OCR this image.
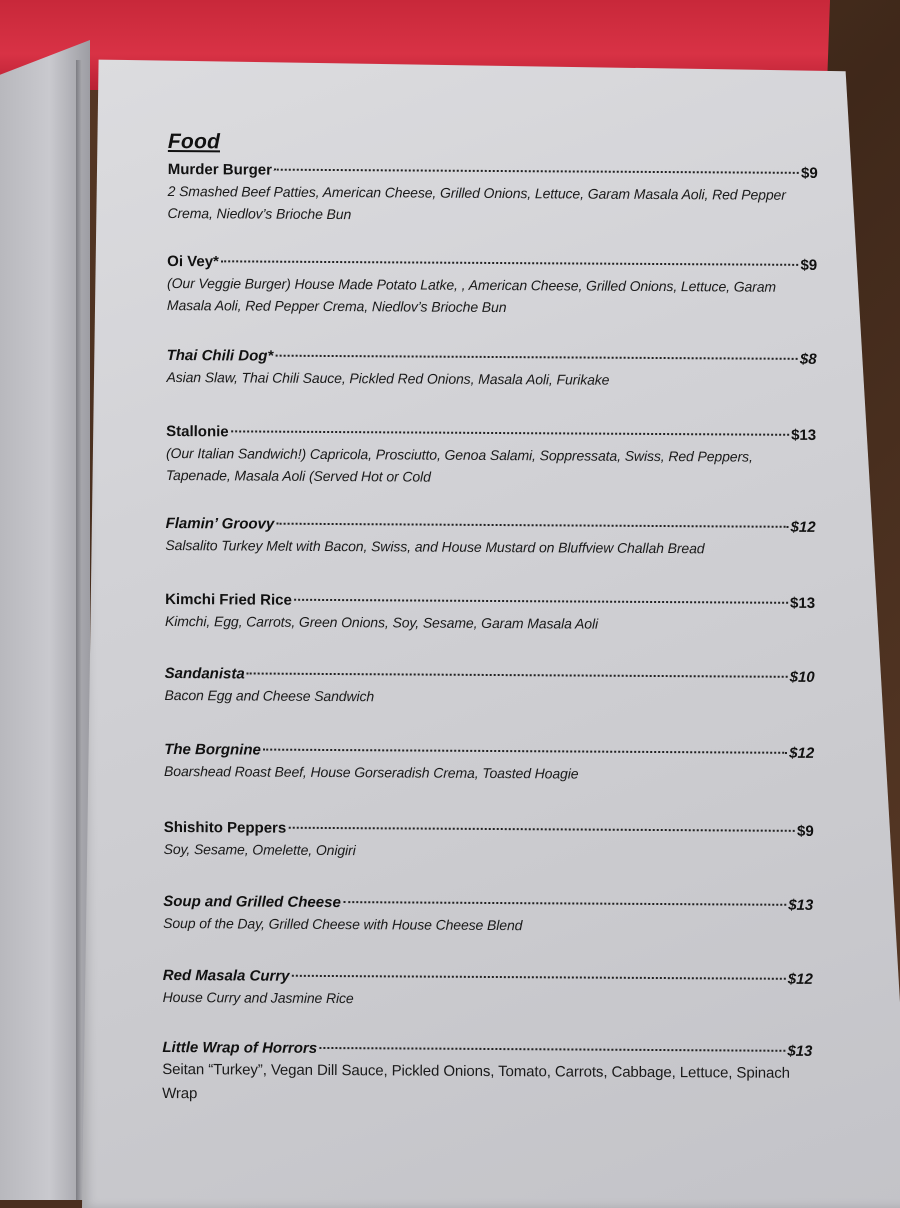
Food
Murder Burger	$9
2 Smashed Beef Patties, American Cheese, Grilled Onions, Lettuce, Garam Masala Aoli, Red Pepper Crema, Niedlov’s Brioche Bun
Oi Vey*	$9
(Our Veggie Burger) House Made Potato Latke, , American Cheese, Grilled Onions, Lettuce, Garam Masala Aoli, Red Pepper Crema, Niedlov’s Brioche Bun
Thai Chili Dog*	$8
Asian Slaw, Thai Chili Sauce, Pickled Red Onions, Masala Aoli, Furikake
Stallonie	$13
(Our Italian Sandwich!) Capricola, Prosciutto, Genoa Salami, Soppressata, Swiss, Red Peppers, Tapenade, Masala Aoli (Served Hot or Cold
Flamin’ Groovy	$12
Salsalito Turkey Melt with Bacon, Swiss, and House Mustard on Bluffview Challah Bread
Kimchi Fried Rice	$13
Kimchi, Egg, Carrots, Green Onions, Soy, Sesame, Garam Masala Aoli
Sandanista	$10
Bacon Egg and Cheese Sandwich
The Borgnine	$12
Boarshead Roast Beef, House Gorseradish Crema, Toasted Hoagie
Shishito Peppers	$9
Soy, Sesame, Omelette, Onigiri
Soup and Grilled Cheese	$13
Soup of the Day, Grilled Cheese with House Cheese Blend
Red Masala Curry	$12
House Curry and Jasmine Rice
Little Wrap of Horrors	$13
Seitan “Turkey”, Vegan Dill Sauce, Pickled Onions, Tomato, Carrots, Cabbage, Lettuce, Spinach Wrap
